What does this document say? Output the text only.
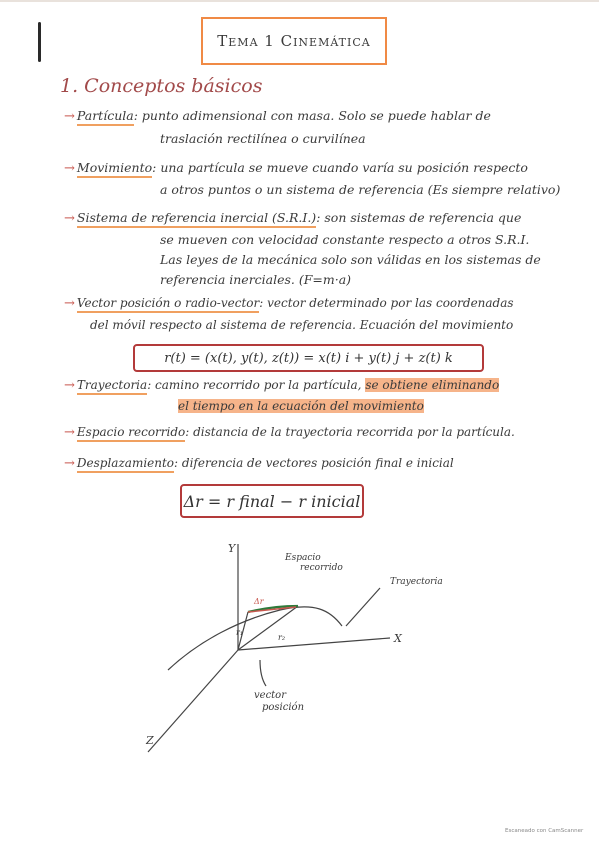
Tema 1 Cinemática
1. Conceptos básicos
→ Partícula: punto adimensional con masa. Solo se puede hablar de
traslación rectilínea o curvilínea
→ Movimiento: una partícula se mueve cuando varía su posición respecto
a otros puntos o un sistema de referencia (Es siempre relativo)
→ Sistema de referencia inercial (S.R.I.): son sistemas de referencia que
se mueven con velocidad constante respecto a otros S.R.I.
Las leyes de la mecánica solo son válidas en los sistemas de
referencia inerciales. (F=m·a)
→ Vector posición o radio-vector: vector determinado por las coordenadas
del móvil respecto al sistema de referencia. Ecuación del movimiento
r(t) = (x(t), y(t), z(t)) = x(t) i + y(t) j + z(t) k
→ Trayectoria: camino recorrido por la partícula, se obtiene eliminando
el tiempo en la ecuación del movimiento
→ Espacio recorrido: distancia de la trayectoria recorrida por la partícula.
→ Desplazamiento: diferencia de vectores posición final e inicial
Δr = r final − r inicial
Y
X
Z
Espacio
recorrido
Trayectoria
Δr
r₁
r₂
vector
posición
Escaneado con CamScanner
